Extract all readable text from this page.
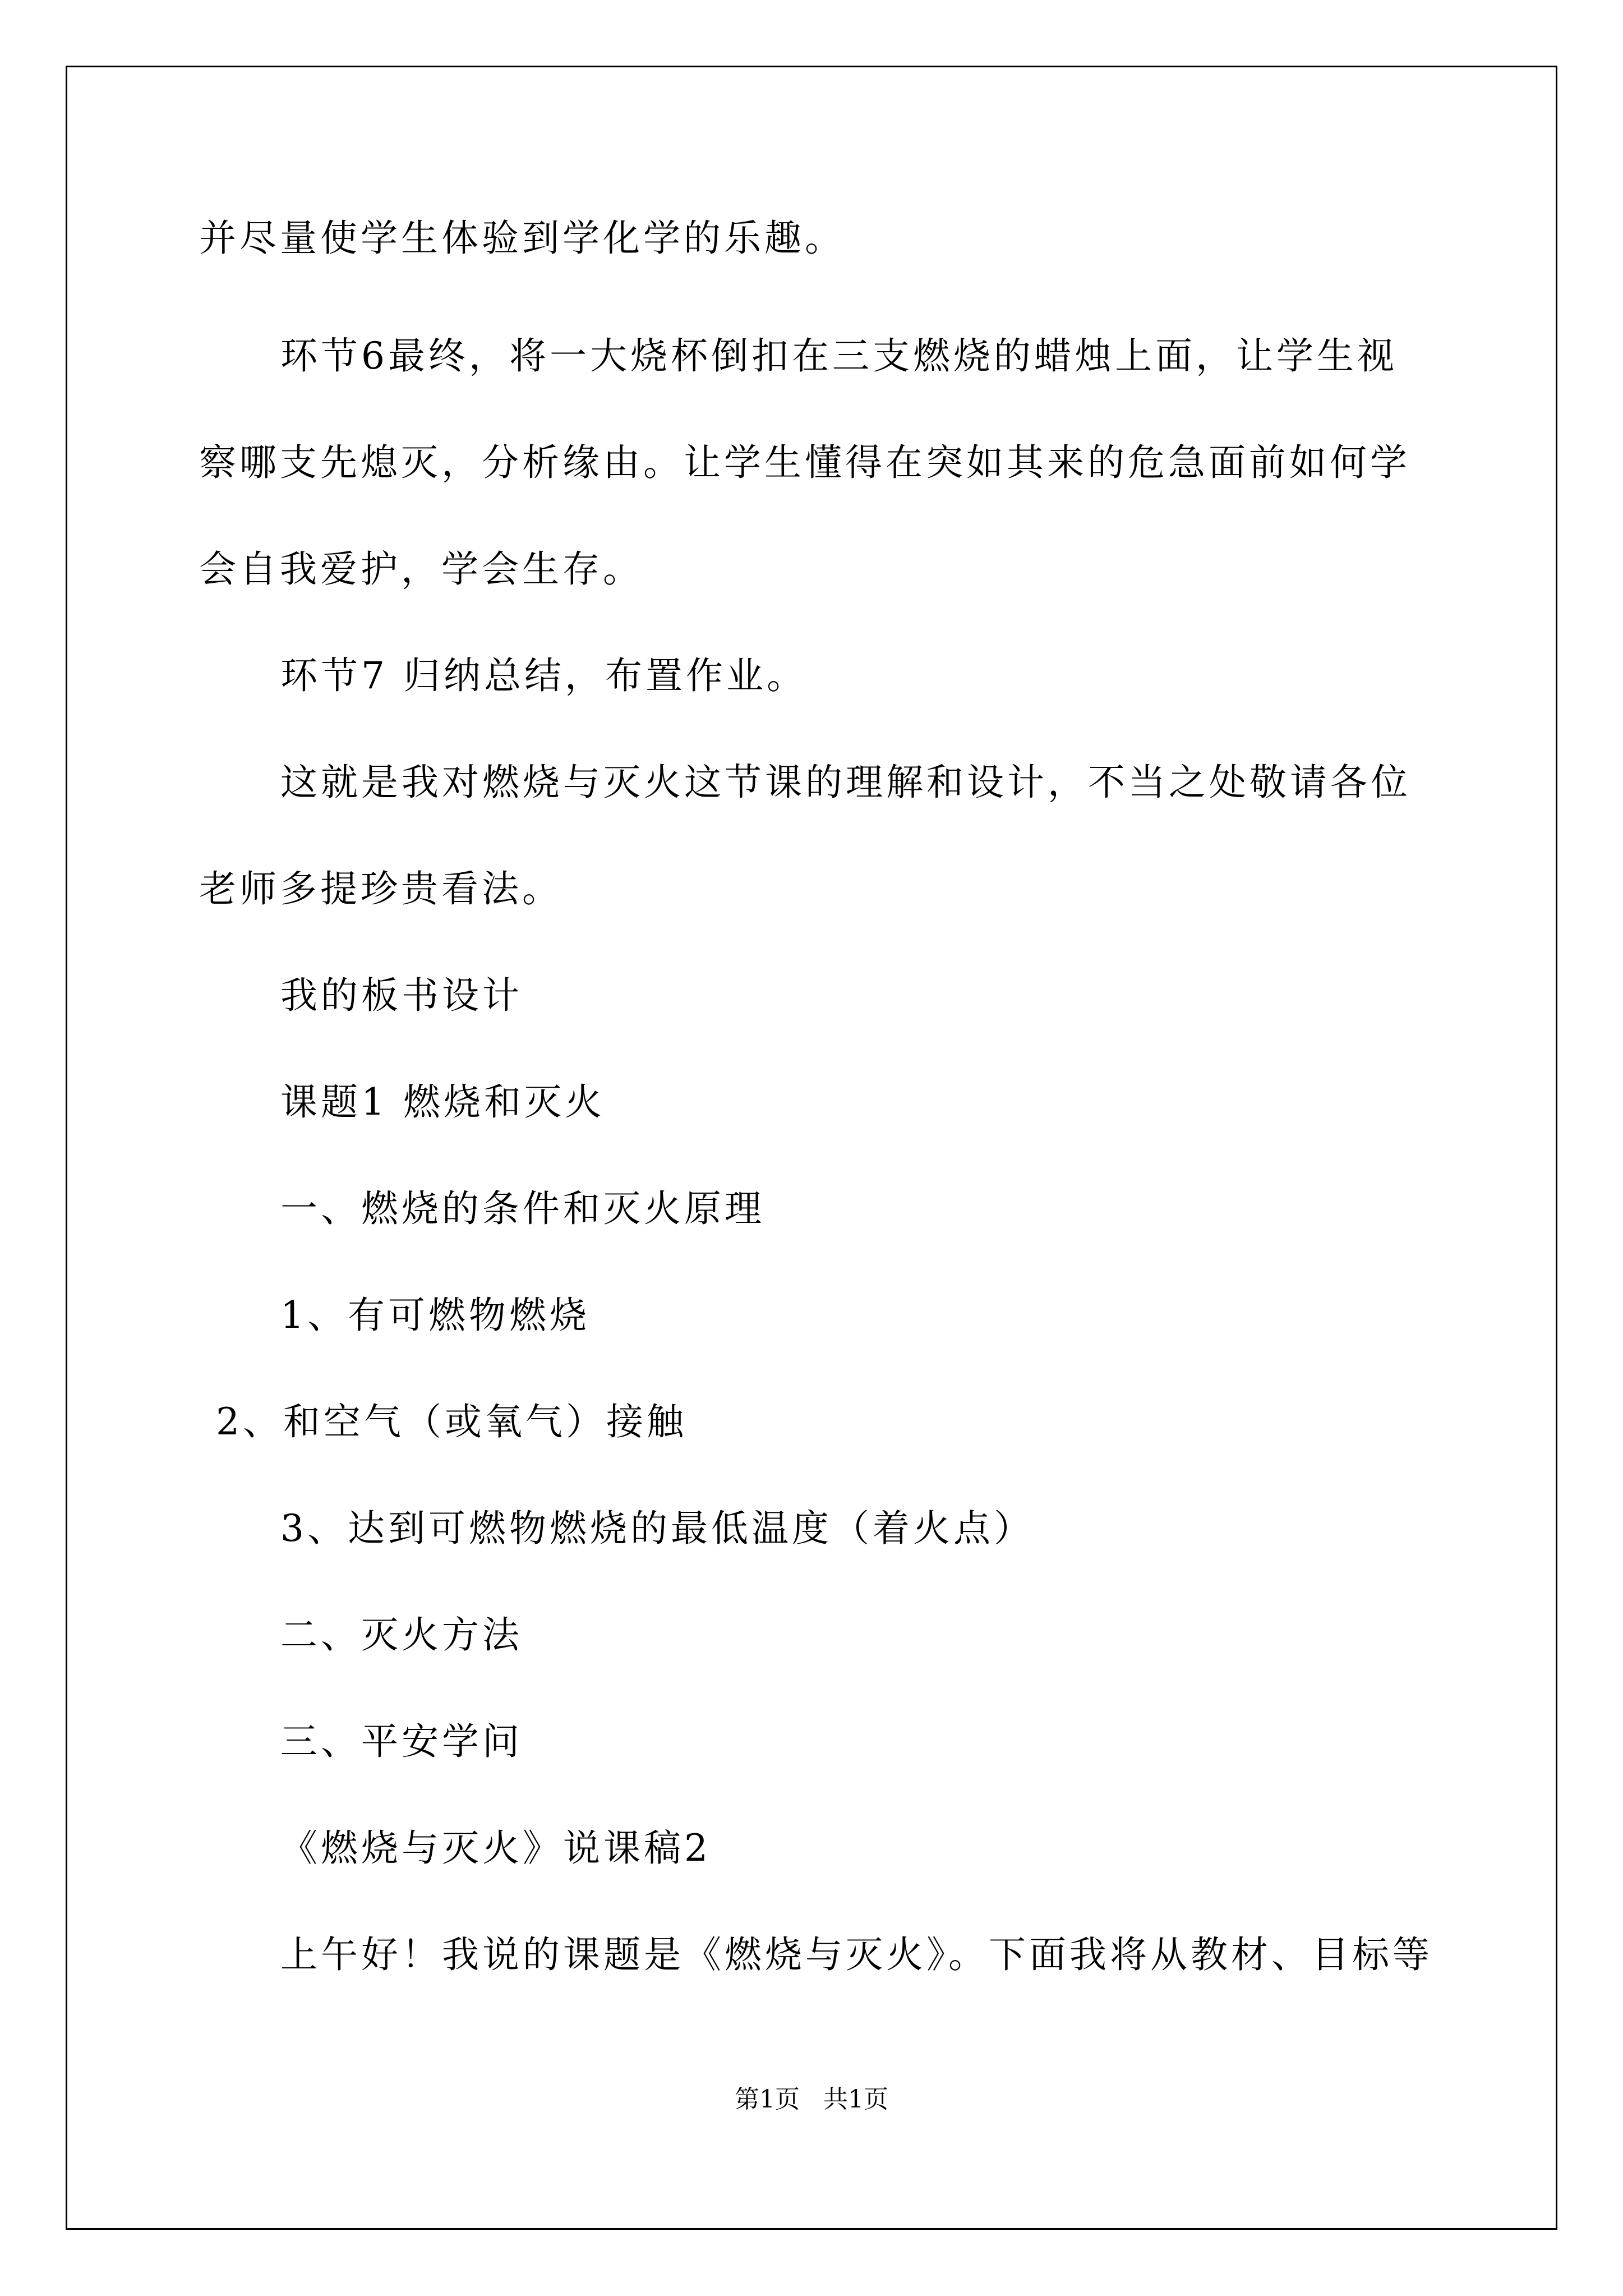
并尽量使学生体验到学化学的乐趣。
环节6最终，将一大烧杯倒扣在三支燃烧的蜡烛上面，让学生视
察哪支先熄灭，分析缘由。让学生懂得在突如其来的危急面前如何学
会自我爱护，学会生存。
环节7 归纳总结，布置作业。
这就是我对燃烧与灭火这节课的理解和设计，不当之处敬请各位
老师多提珍贵看法。
我的板书设计
课题1 燃烧和灭火
一、燃烧的条件和灭火原理
1、有可燃物燃烧
2、和空气（或氧气）接触
3、达到可燃物燃烧的最低温度（着火点）
二、灭火方法
三、平安学问
《燃烧与灭火》说课稿2
上午好！我说的课题是《燃烧与灭火》。下面我将从教材、目标等
第1页   共1页
